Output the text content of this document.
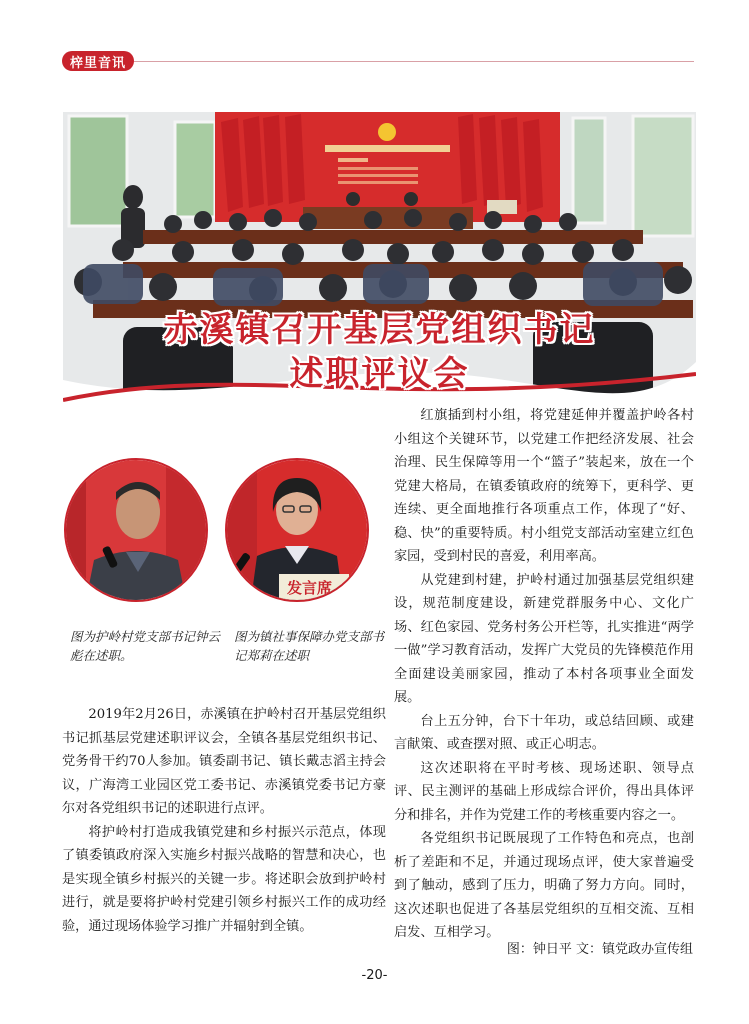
梓里音讯
赤溪镇召开基层党组织书记
述职评议会
发言席
图为护岭村党支部书记钟云彪在述职。
图为镇社事保障办党支部书记郑莉在述职

2019年2月26日，赤溪镇在护岭村召开基层党组织书记抓基层党建述职评议会，全镇各基层党组织书记、党务骨干约70人参加。镇委副书记、镇长戴志滔主持会议，广海湾工业园区党工委书记、赤溪镇党委书记方豪尔对各党组织书记的述职进行点评。

将护岭村打造成我镇党建和乡村振兴示范点，体现了镇委镇政府深入实施乡村振兴战略的智慧和决心，也是实现全镇乡村振兴的关键一步。将述职会放到护岭村进行，就是要将护岭村党建引领乡村振兴工作的成功经验，通过现场体验学习推广并辐射到全镇。

红旗插到村小组，将党建延伸并覆盖护岭各村小组这个关键环节，以党建工作把经济发展、社会治理、民生保障等用一个“篮子”装起来，放在一个党建大格局，在镇委镇政府的统筹下，更科学、更连续、更全面地推行各项重点工作，体现了“好、稳、快”的重要特质。村小组党支部活动室建立红色家园，受到村民的喜爱，利用率高。

从党建到村建，护岭村通过加强基层党组织建设，规范制度建设，新建党群服务中心、文化广场、红色家园、党务村务公开栏等，扎实推进“两学一做”学习教育活动，发挥广大党员的先锋模范作用全面建设美丽家园，推动了本村各项事业全面发展。

台上五分钟，台下十年功，或总结回顾、或建言献策、或查摆对照、或正心明志。

这次述职将在平时考核、现场述职、领导点评、民主测评的基础上形成综合评价，得出具体评分和排名，并作为党建工作的考核重要内容之一。

各党组织书记既展现了工作特色和亮点，也剖析了差距和不足，并通过现场点评，使大家普遍受到了触动，感到了压力，明确了努力方向。同时，这次述职也促进了各基层党组织的互相交流、互相启发、互相学习。

图：钟日平 文：镇党政办宣传组
-20-
